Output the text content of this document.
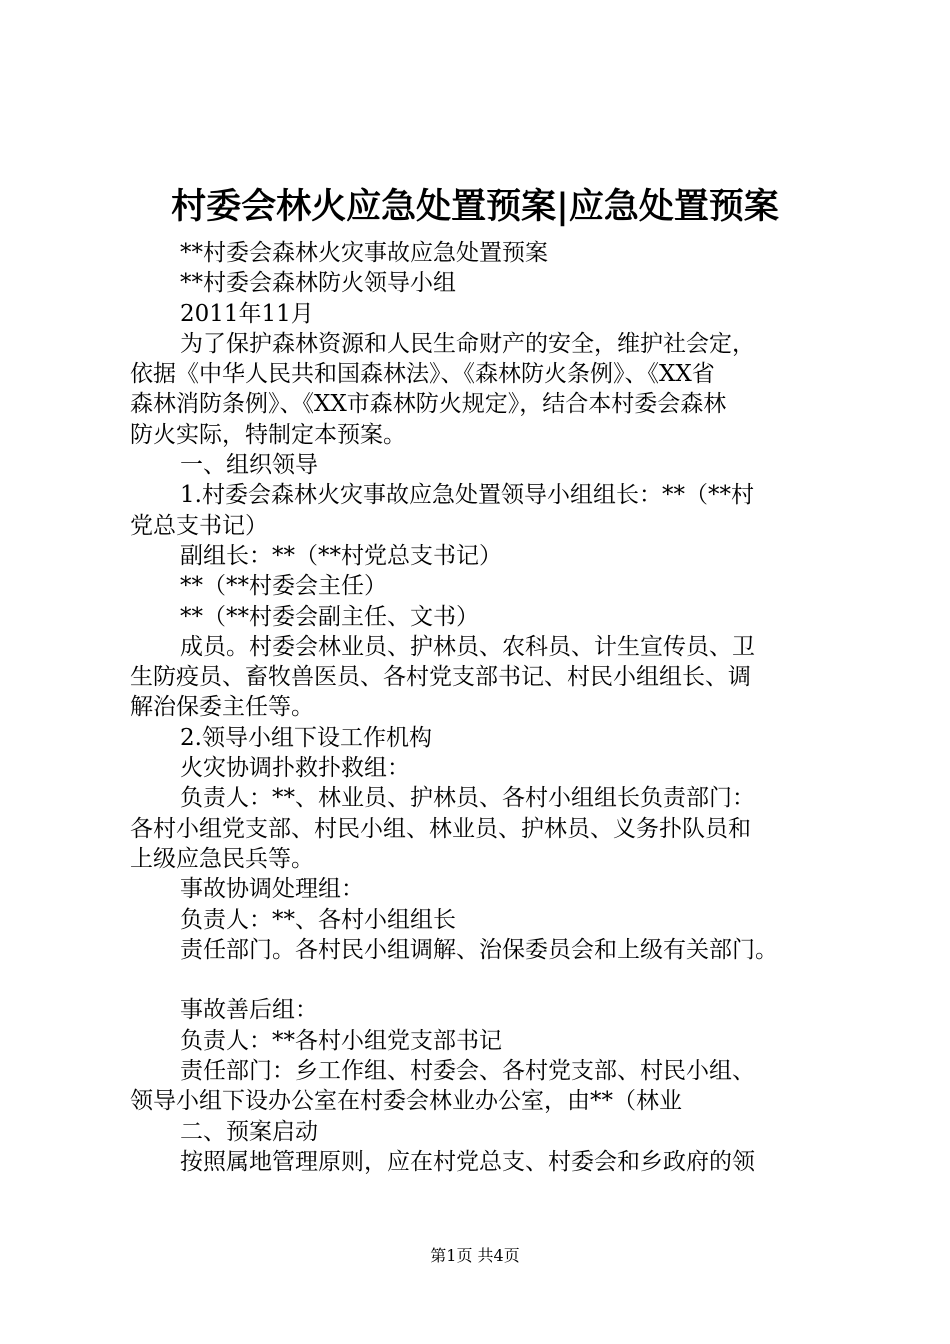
村委会林火应急处置预案|应急处置预案
**村委会森林火灾事故应急处置预案
**村委会森林防火领导小组
2011年11月
为了保护森林资源和人民生命财产的安全，维护社会定，
依据《中华人民共和国森林法》、《森林防火条例》、《XX省
森林消防条例》、《XX市森林防火规定》，结合本村委会森林
防火实际，特制定本预案。
一、组织领导
1.村委会森林火灾事故应急处置领导小组组长：**（**村
党总支书记）
副组长：**（**村党总支书记）
**（**村委会主任）
**（**村委会副主任、文书）
成员。村委会林业员、护林员、农科员、计生宣传员、卫
生防疫员、畜牧兽医员、各村党支部书记、村民小组组长、调
解治保委主任等。
2.领导小组下设工作机构
火灾协调扑救扑救组：
负责人：**、林业员、护林员、各村小组组长负责部门：
各村小组党支部、村民小组、林业员、护林员、义务扑队员和
上级应急民兵等。
事故协调处理组：
负责人：**、各村小组组长
责任部门。各村民小组调解、治保委员会和上级有关部门。
事故善后组：
负责人：**各村小组党支部书记
责任部门：乡工作组、村委会、各村党支部、村民小组、
领导小组下设办公室在村委会林业办公室，由**（林业
二、预案启动
按照属地管理原则，应在村党总支、村委会和乡政府的领
第1页 共4页
